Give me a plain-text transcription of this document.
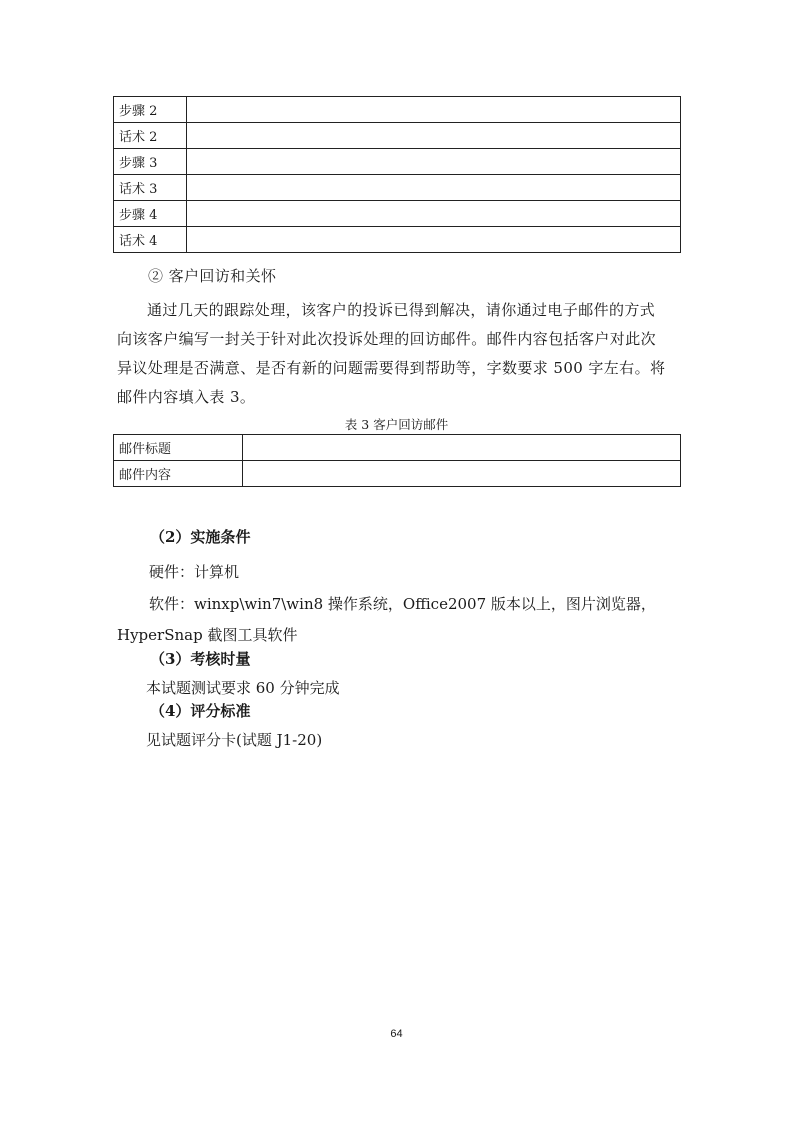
步骤 2	
话术 2	
步骤 3	
话术 3	
步骤 4	
话术 4	
② 客户回访和关怀
通过几天的跟踪处理，该客户的投诉已得到解决，请你通过电子邮件的方式
向该客户编写一封关于针对此次投诉处理的回访邮件。邮件内容包括客户对此次
异议处理是否满意、是否有新的问题需要得到帮助等，字数要求 500 字左右。将
邮件内容填入表 3。
表 3 客户回访邮件
邮件标题	
邮件内容	
（2）实施条件
硬件：计算机
软件：winxp\win7\win8 操作系统，Office2007 版本以上，图片浏览器，
HyperSnap 截图工具软件
（3）考核时量
本试题测试要求 60 分钟完成
（4）评分标准
见试题评分卡(试题 J1-20)
64
